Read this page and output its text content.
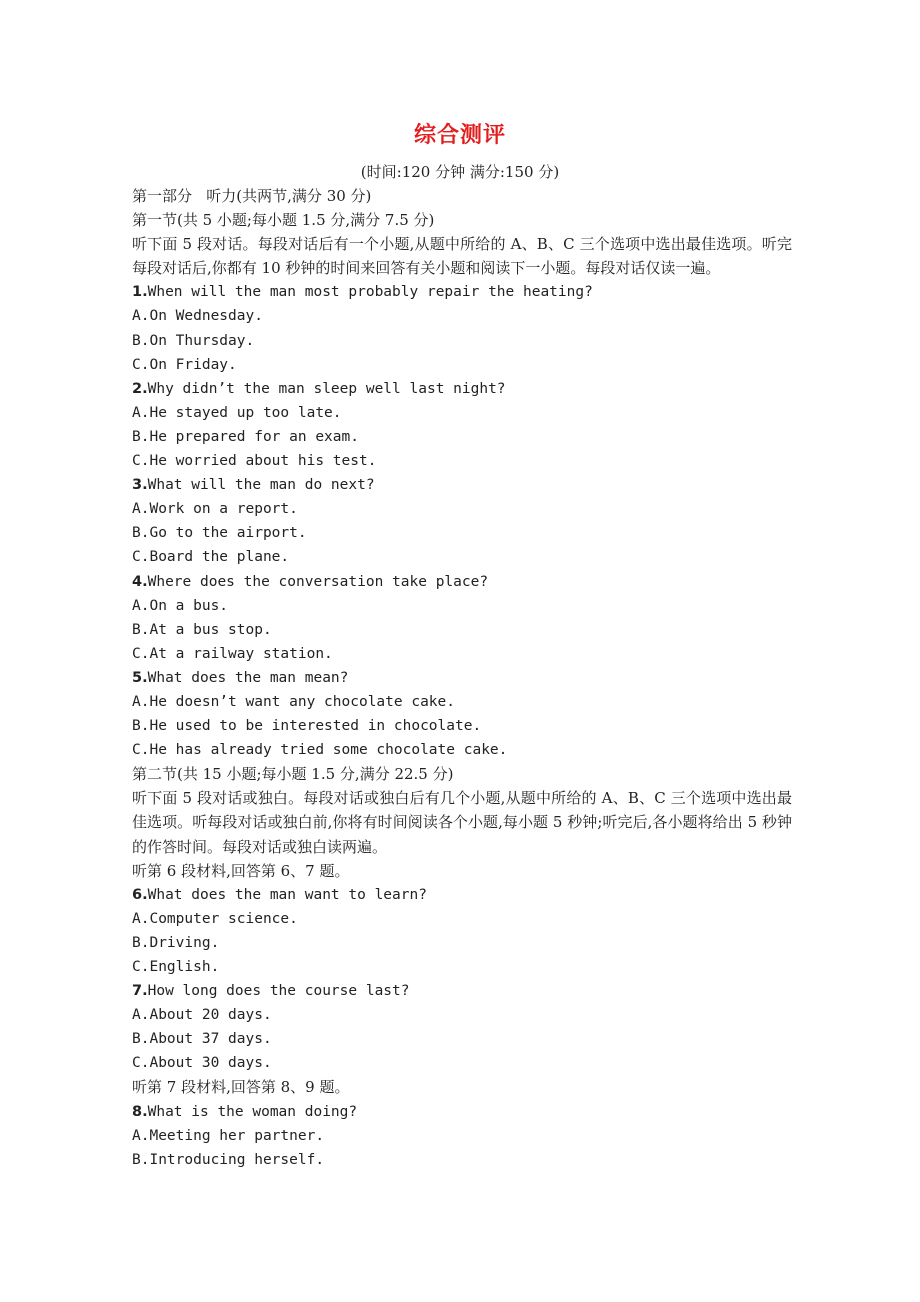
综合测评
(时间:120 分钟 满分:150 分)
第一部分   听力(共两节,满分 30 分)
第一节(共 5 小题;每小题 1.5 分,满分 7.5 分)
听下面 5 段对话。每段对话后有一个小题,从题中所给的 A、B、C 三个选项中选出最佳选项。听完每段对话后,你都有 10 秒钟的时间来回答有关小题和阅读下一小题。每段对话仅读一遍。
1.When will the man most probably repair the heating?
A.On Wednesday.
B.On Thursday.
C.On Friday.
2.Why didn’t the man sleep well last night?
A.He stayed up too late.
B.He prepared for an exam.
C.He worried about his test.
3.What will the man do next?
A.Work on a report.
B.Go to the airport.
C.Board the plane.
4.Where does the conversation take place?
A.On a bus.
B.At a bus stop.
C.At a railway station.
5.What does the man mean?
A.He doesn’t want any chocolate cake.
B.He used to be interested in chocolate.
C.He has already tried some chocolate cake.
第二节(共 15 小题;每小题 1.5 分,满分 22.5 分)
听下面 5 段对话或独白。每段对话或独白后有几个小题,从题中所给的 A、B、C 三个选项中选出最佳选项。听每段对话或独白前,你将有时间阅读各个小题,每小题 5 秒钟;听完后,各小题将给出 5 秒钟的作答时间。每段对话或独白读两遍。
听第 6 段材料,回答第 6、7 题。
6.What does the man want to learn?
A.Computer science.
B.Driving.
C.English.
7.How long does the course last?
A.About 20 days.
B.About 37 days.
C.About 30 days.
听第 7 段材料,回答第 8、9 题。
8.What is the woman doing?
A.Meeting her partner.
B.Introducing herself.
